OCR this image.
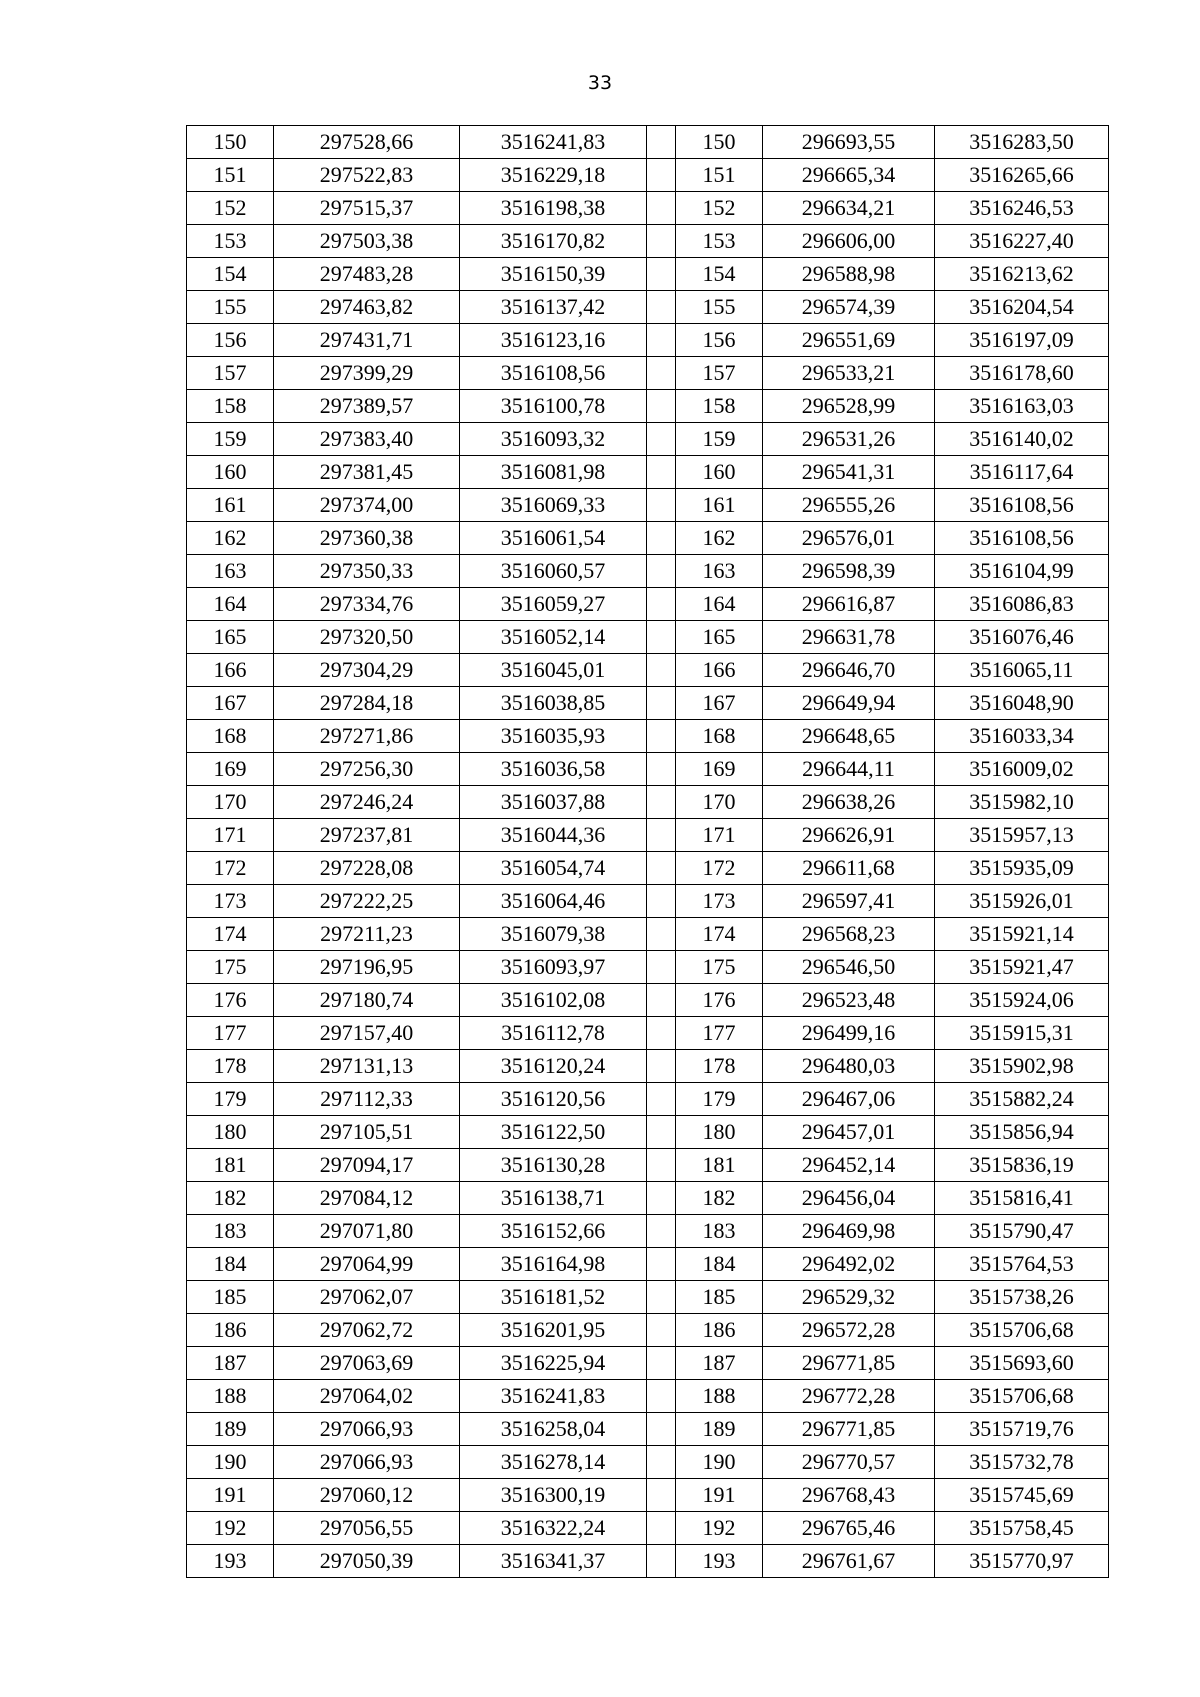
33
150	297528,66	3516241,83		150	296693,55	3516283,50
151	297522,83	3516229,18		151	296665,34	3516265,66
152	297515,37	3516198,38		152	296634,21	3516246,53
153	297503,38	3516170,82		153	296606,00	3516227,40
154	297483,28	3516150,39		154	296588,98	3516213,62
155	297463,82	3516137,42		155	296574,39	3516204,54
156	297431,71	3516123,16		156	296551,69	3516197,09
157	297399,29	3516108,56		157	296533,21	3516178,60
158	297389,57	3516100,78		158	296528,99	3516163,03
159	297383,40	3516093,32		159	296531,26	3516140,02
160	297381,45	3516081,98		160	296541,31	3516117,64
161	297374,00	3516069,33		161	296555,26	3516108,56
162	297360,38	3516061,54		162	296576,01	3516108,56
163	297350,33	3516060,57		163	296598,39	3516104,99
164	297334,76	3516059,27		164	296616,87	3516086,83
165	297320,50	3516052,14		165	296631,78	3516076,46
166	297304,29	3516045,01		166	296646,70	3516065,11
167	297284,18	3516038,85		167	296649,94	3516048,90
168	297271,86	3516035,93		168	296648,65	3516033,34
169	297256,30	3516036,58		169	296644,11	3516009,02
170	297246,24	3516037,88		170	296638,26	3515982,10
171	297237,81	3516044,36		171	296626,91	3515957,13
172	297228,08	3516054,74		172	296611,68	3515935,09
173	297222,25	3516064,46		173	296597,41	3515926,01
174	297211,23	3516079,38		174	296568,23	3515921,14
175	297196,95	3516093,97		175	296546,50	3515921,47
176	297180,74	3516102,08		176	296523,48	3515924,06
177	297157,40	3516112,78		177	296499,16	3515915,31
178	297131,13	3516120,24		178	296480,03	3515902,98
179	297112,33	3516120,56		179	296467,06	3515882,24
180	297105,51	3516122,50		180	296457,01	3515856,94
181	297094,17	3516130,28		181	296452,14	3515836,19
182	297084,12	3516138,71		182	296456,04	3515816,41
183	297071,80	3516152,66		183	296469,98	3515790,47
184	297064,99	3516164,98		184	296492,02	3515764,53
185	297062,07	3516181,52		185	296529,32	3515738,26
186	297062,72	3516201,95		186	296572,28	3515706,68
187	297063,69	3516225,94		187	296771,85	3515693,60
188	297064,02	3516241,83		188	296772,28	3515706,68
189	297066,93	3516258,04		189	296771,85	3515719,76
190	297066,93	3516278,14		190	296770,57	3515732,78
191	297060,12	3516300,19		191	296768,43	3515745,69
192	297056,55	3516322,24		192	296765,46	3515758,45
193	297050,39	3516341,37		193	296761,67	3515770,97
